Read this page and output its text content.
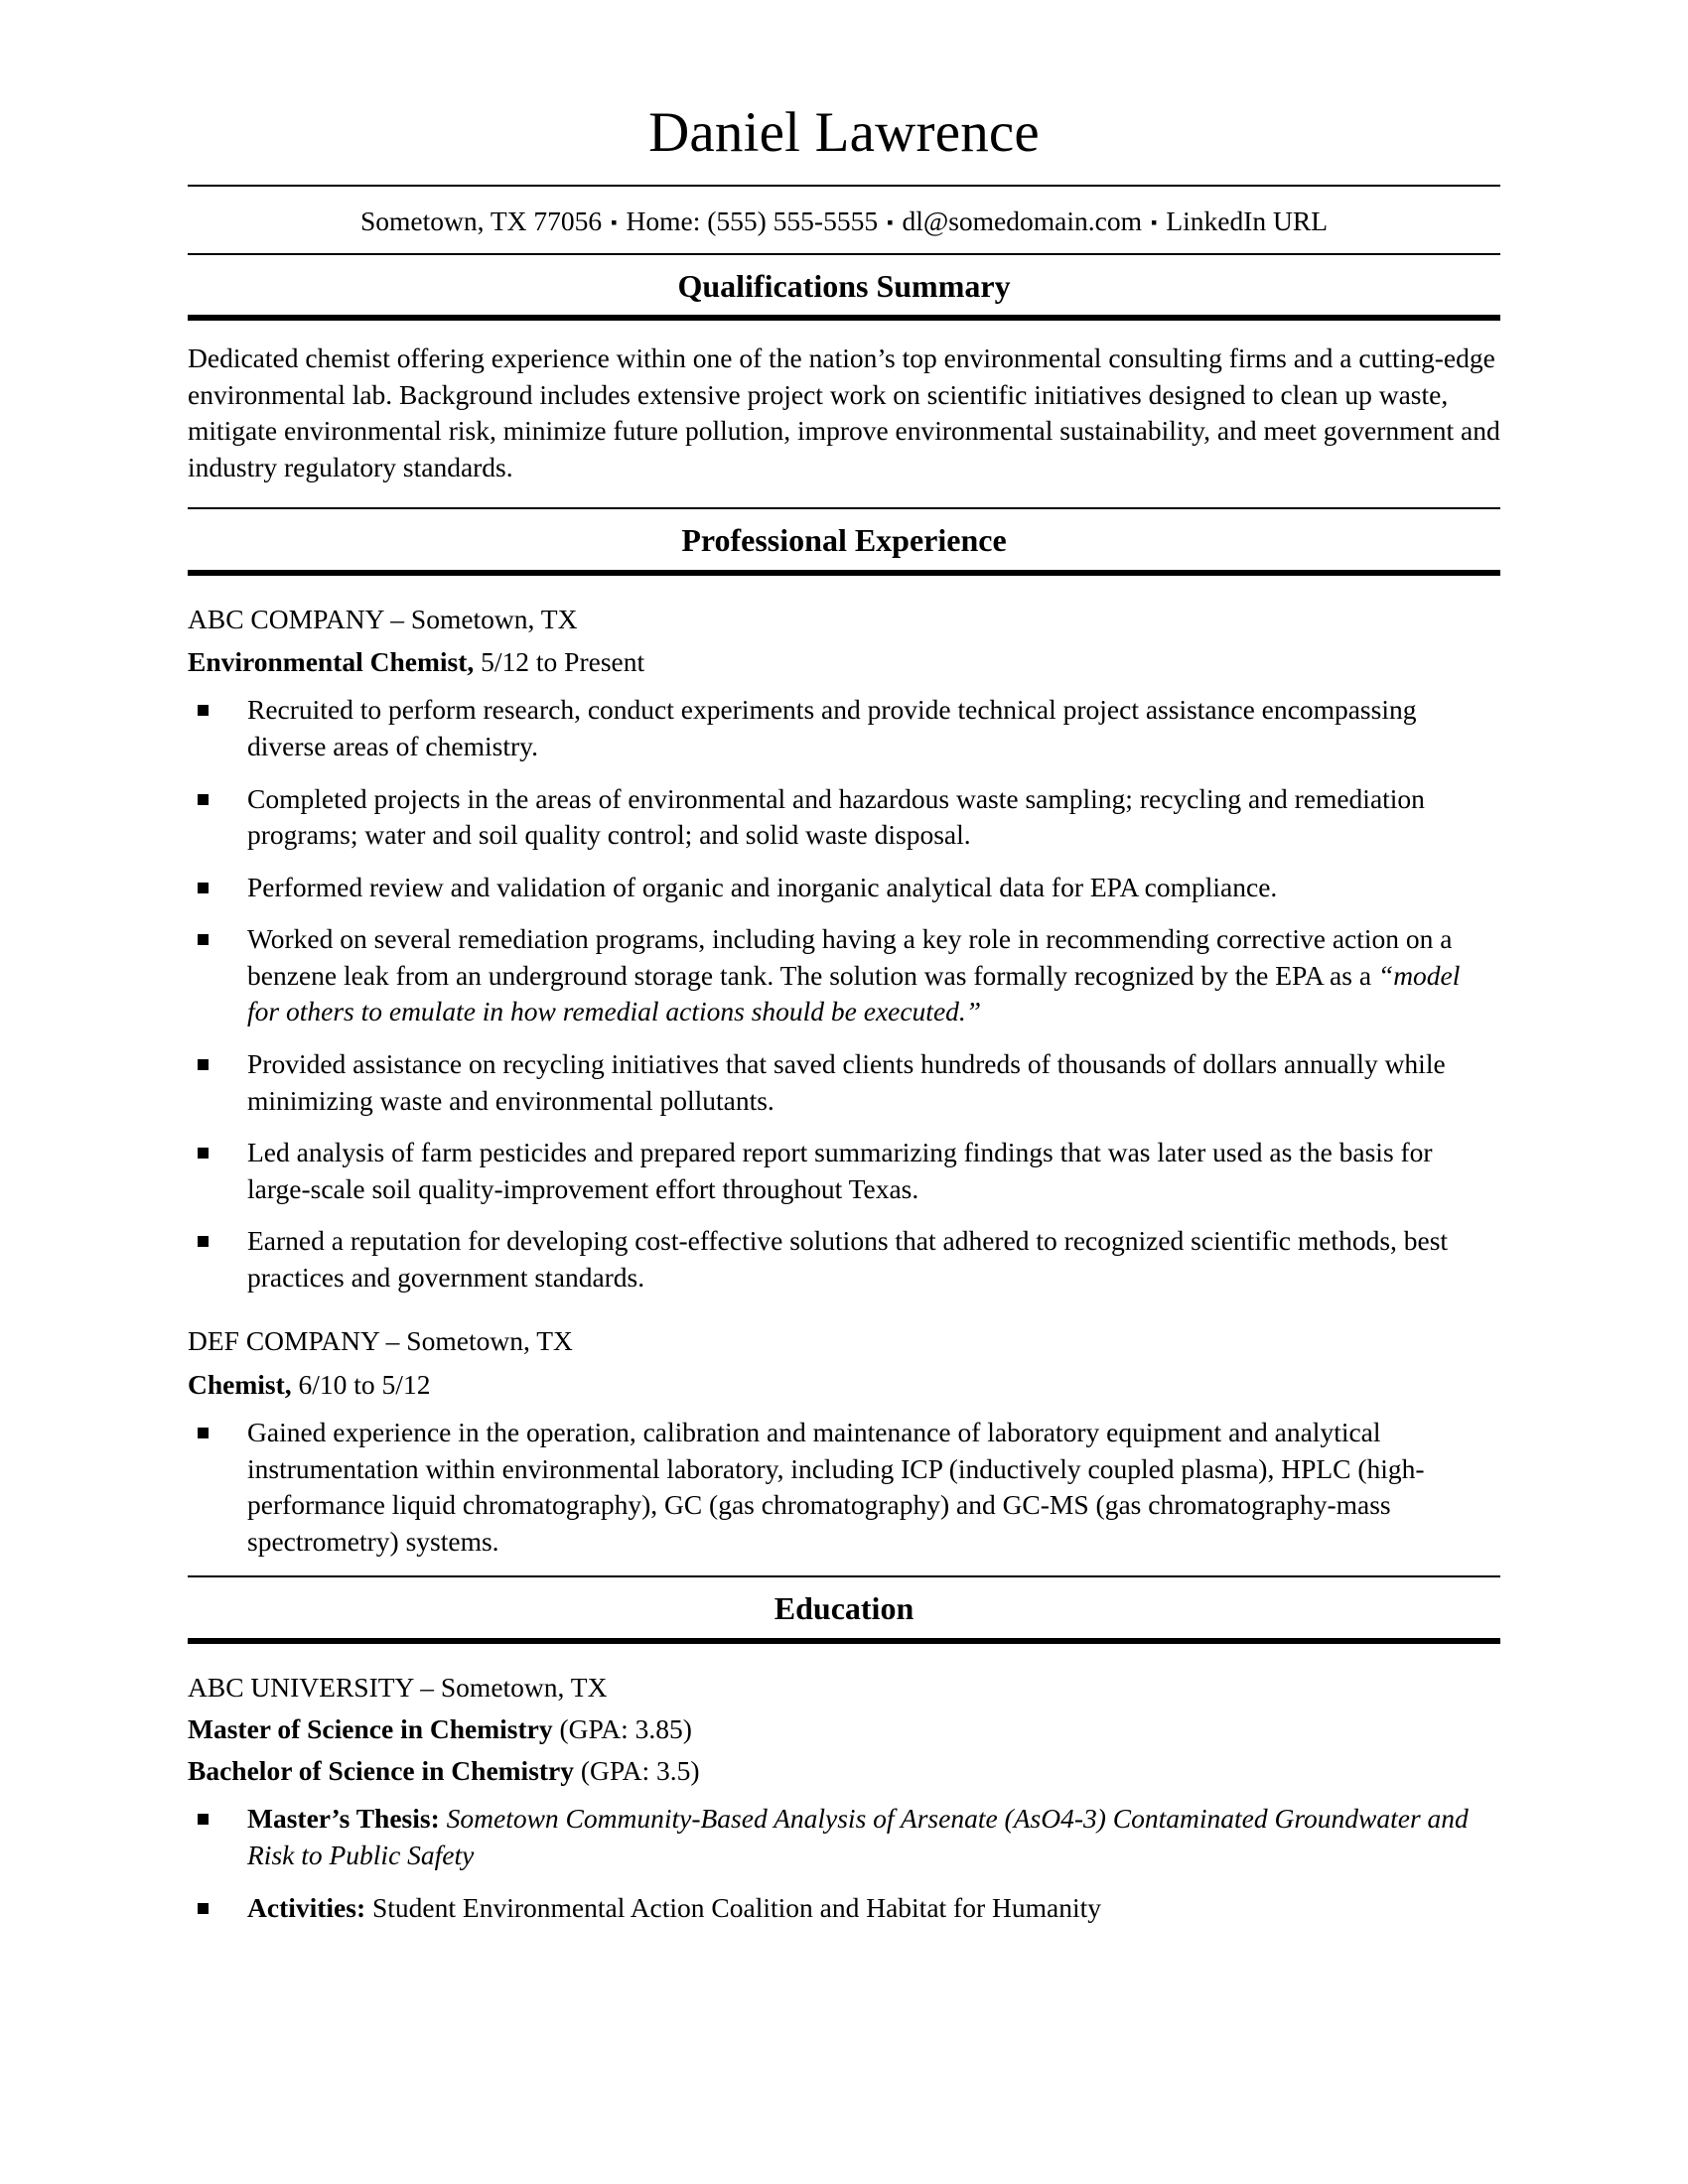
Daniel Lawrence
Sometown, TX 77056 ▪ Home: (555) 555-5555 ▪ dl@somedomain.com ▪ LinkedIn URL
Qualifications Summary

Dedicated chemist offering experience within one of the nation’s top environmental consulting firms and a cutting-edge environmental lab. Background includes extensive project work on scientific initiatives designed to clean up waste, mitigate environmental risk, minimize future pollution, improve environmental sustainability, and meet government and industry regulatory standards.

Professional Experience

ABC COMPANY – Sometown, TX

Environmental Chemist, 5/12 to Present

Recruited to perform research, conduct experiments and provide technical project assistance encompassing diverse areas of chemistry.
Completed projects in the areas of environmental and hazardous waste sampling; recycling and remediation programs; water and soil quality control; and solid waste disposal.
Performed review and validation of organic and inorganic analytical data for EPA compliance.
Worked on several remediation programs, including having a key role in recommending corrective action on a benzene leak from an underground storage tank. The solution was formally recognized by the EPA as a “model for others to emulate in how remedial actions should be executed.”
Provided assistance on recycling initiatives that saved clients hundreds of thousands of dollars annually while minimizing waste and environmental pollutants.
Led analysis of farm pesticides and prepared report summarizing findings that was later used as the basis for large-scale soil quality-improvement effort throughout Texas.
Earned a reputation for developing cost-effective solutions that adhered to recognized scientific methods, best practices and government standards.

DEF COMPANY – Sometown, TX

Chemist, 6/10 to 5/12

Gained experience in the operation, calibration and maintenance of laboratory equipment and analytical instrumentation within environmental laboratory, including ICP (inductively coupled plasma), HPLC (high-performance liquid chromatography), GC (gas chromatography) and GC-MS (gas chromatography-mass spectrometry) systems.
Education

ABC UNIVERSITY – Sometown, TX

Master of Science in Chemistry (GPA: 3.85)

Bachelor of Science in Chemistry (GPA: 3.5)

Master’s Thesis: Sometown Community-Based Analysis of Arsenate (AsO4-3) Contaminated Groundwater and Risk to Public Safety
Activities: Student Environmental Action Coalition and Habitat for Humanity
